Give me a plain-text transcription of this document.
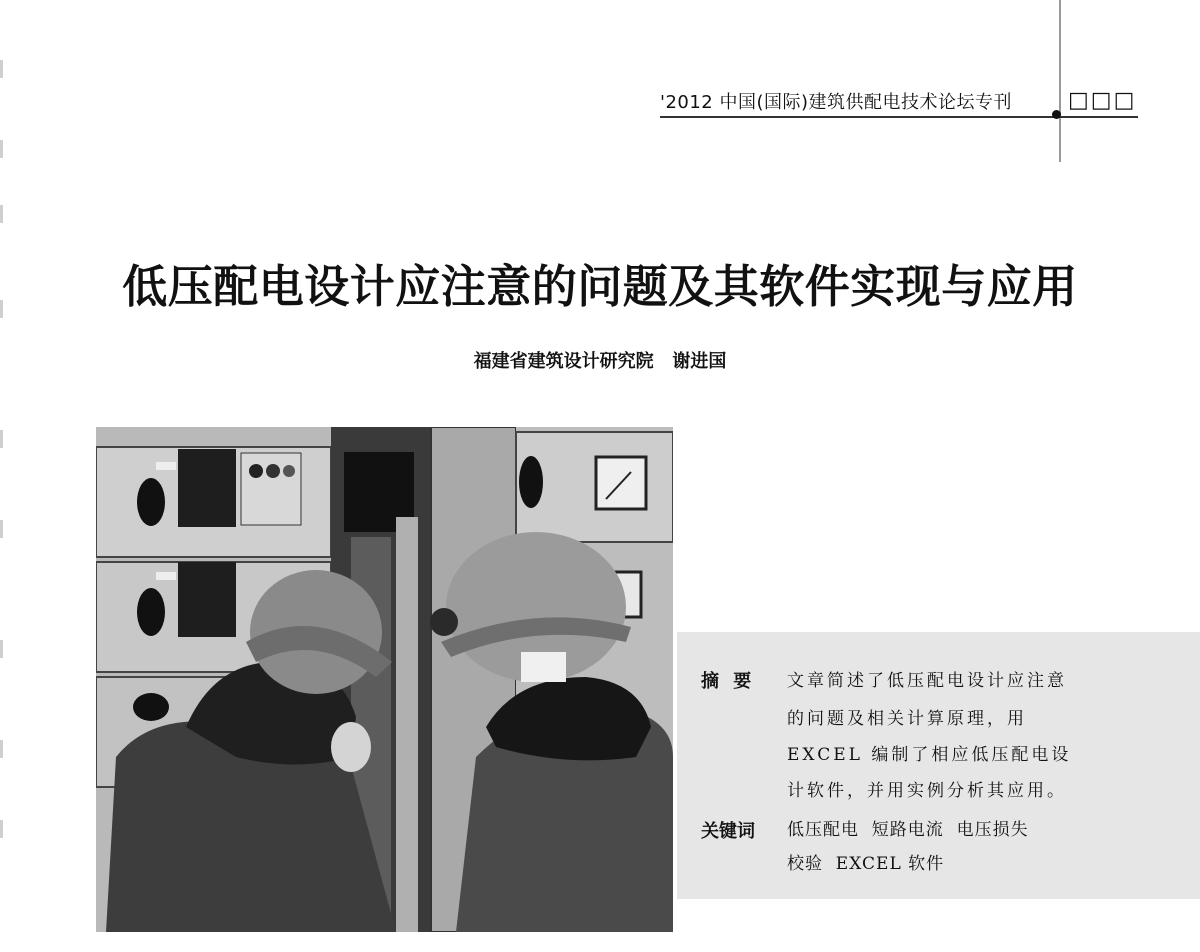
'2012 中国(国际)建筑供配电技术论坛专刊	□□□
低压配电设计应注意的问题及其软件实现与应用
福建省建筑设计研究院   谢进国
摘 要 文章简述了低压配电设计应注意
的问题及相关计算原理，用
EXCEL 编制了相应低压配电设
计软件，并用实例分析其应用。
关键词 低压配电  短路电流  电压损失
校验  EXCEL 软件
